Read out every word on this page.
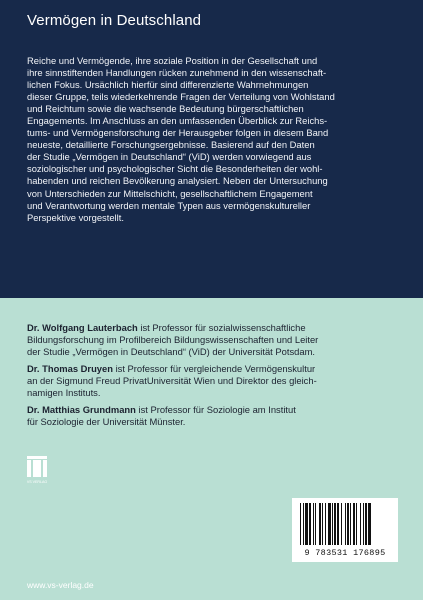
Vermögen in Deutschland

Reiche und Vermögende, ihre soziale Position in der Gesellschaft und

ihre sinnstiftenden Handlungen rücken zunehmend in den wissenschaft-

lichen Fokus. Ursächlich hierfür sind differenzierte Wahrnehmungen

dieser Gruppe, teils wiederkehrende Fragen der Verteilung von Wohlstand

und Reichtum sowie die wachsende Bedeutung bürgerschaftlichen

Engagements. Im Anschluss an den umfassenden Überblick zur Reichs-

tums- und Vermögensforschung der Herausgeber folgen in diesem Band

neueste, detaillierte Forschungsergebnisse. Basierend auf den Daten

der Studie „Vermögen in Deutschland“ (ViD) werden vorwiegend aus

soziologischer und psychologischer Sicht die Besonderheiten der wohl-

habenden und reichen Bevölkerung analysiert. Neben der Untersuchung

von Unterschieden zur Mittelschicht, gesellschaftlichem Engagement

und Verantwortung werden mentale Typen aus vermögenskultureller

Perspektive vorgestellt.

Dr. Wolfgang Lauterbach ist Professor für sozialwissenschaftliche

Bildungsforschung im Profilbereich Bildungswissenschaften und Leiter

der Studie „Vermögen in Deutschland“ (ViD) der Universität Potsdam.

Dr. Thomas Druyen ist Professor für vergleichende Vermögenskultur

an der Sigmund Freud PrivatUniversität Wien und Direktor des gleich-

namigen Instituts.

Dr. Matthias Grundmann ist Professor für Soziologie am Institut

für Soziologie der Universität Münster.

www.vs-verlag.de
VS VERLAG
9 783531 176895
